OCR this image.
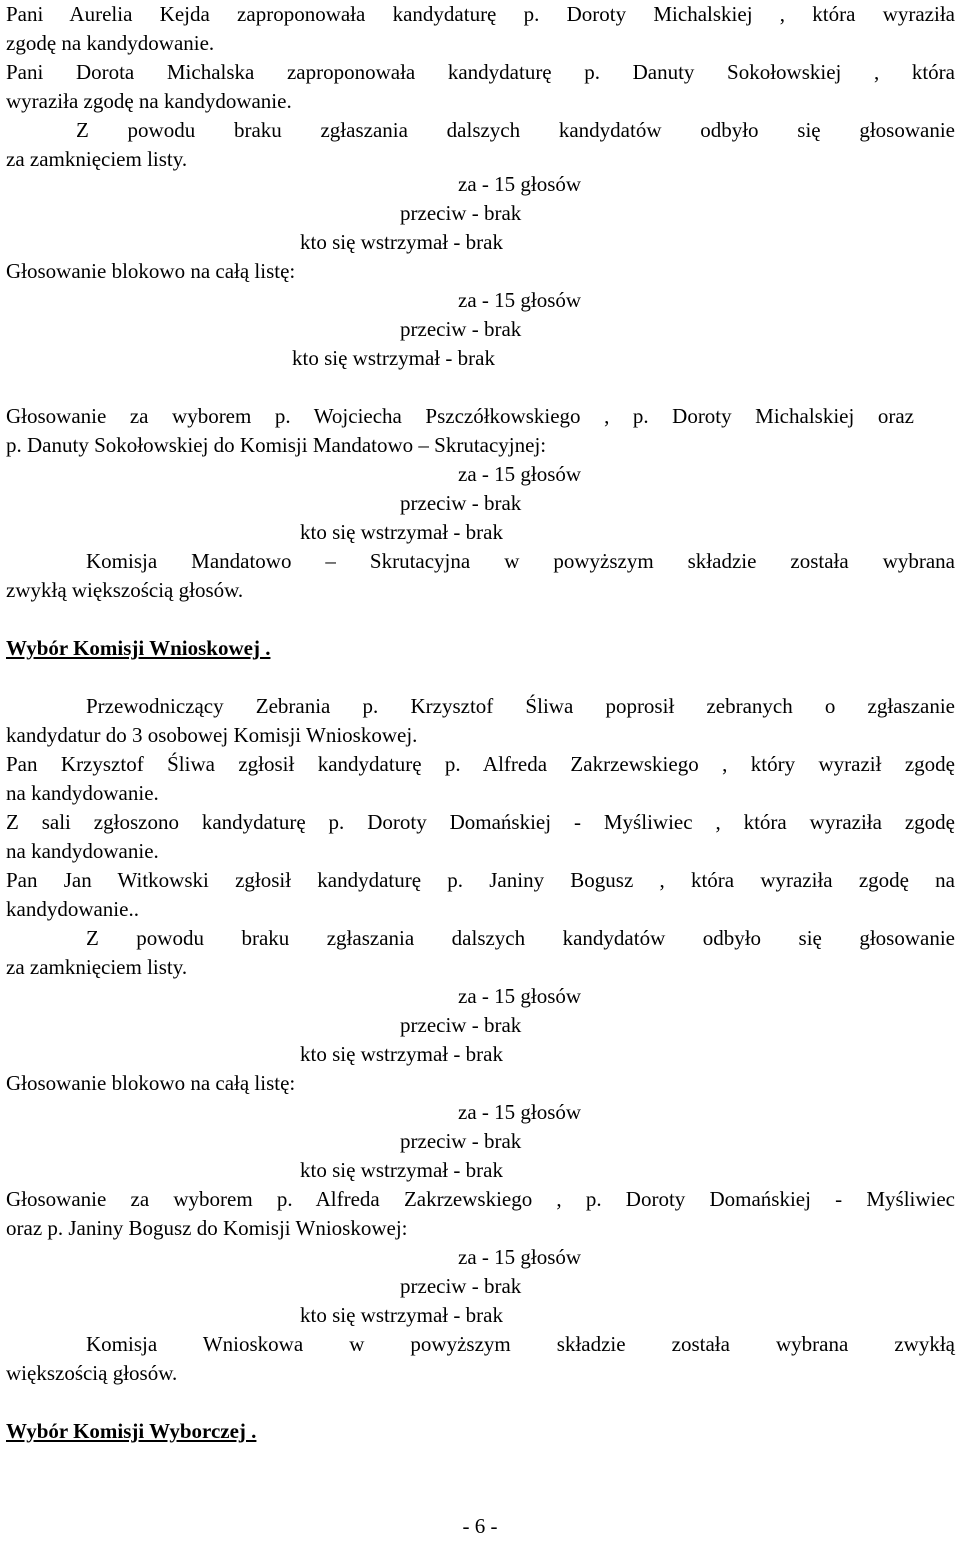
Pani Aurelia Kejda zaproponowała kandydaturę p. Doroty Michalskiej , która wyraziła
zgodę na kandydowanie.
Pani Dorota Michalska zaproponowała kandydaturę p. Danuty Sokołowskiej , która
wyraziła zgodę na kandydowanie.
Z powodu braku zgłaszania dalszych kandydatów odbyło się głosowanie
za zamknięciem listy.
za - 15 głosów
przeciw - brak
kto się wstrzymał - brak
Głosowanie blokowo na całą listę:
za - 15 głosów
przeciw - brak
kto się wstrzymał - brak
Głosowanie za wyborem p. Wojciecha Pszczółkowskiego , p. Doroty Michalskiej oraz
p. Danuty Sokołowskiej do Komisji Mandatowo – Skrutacyjnej:
za - 15 głosów
przeciw - brak
kto się wstrzymał - brak
Komisja Mandatowo – Skrutacyjna w powyższym składzie została wybrana
zwykłą większością głosów.
Wybór Komisji Wnioskowej .
Przewodniczący Zebrania p. Krzysztof Śliwa poprosił zebranych o zgłaszanie
kandydatur do 3 osobowej Komisji Wnioskowej.
Pan Krzysztof Śliwa zgłosił kandydaturę p. Alfreda Zakrzewskiego , który wyraził zgodę
na kandydowanie.
Z sali zgłoszono kandydaturę p. Doroty Domańskiej - Myśliwiec , która wyraziła zgodę
na kandydowanie.
Pan Jan Witkowski zgłosił kandydaturę p. Janiny Bogusz , która wyraziła zgodę na
kandydowanie..
Z powodu braku zgłaszania dalszych kandydatów odbyło się głosowanie
za zamknięciem listy.
za - 15 głosów
przeciw - brak
kto się wstrzymał - brak
Głosowanie blokowo na całą listę:
za - 15 głosów
przeciw - brak
kto się wstrzymał - brak
Głosowanie za wyborem p. Alfreda Zakrzewskiego , p. Doroty Domańskiej - Myśliwiec
oraz p. Janiny Bogusz do Komisji Wnioskowej:
za - 15 głosów
przeciw - brak
kto się wstrzymał - brak
Komisja Wnioskowa w powyższym składzie została wybrana zwykłą
większością głosów.
Wybór Komisji Wyborczej .
- 6 -
